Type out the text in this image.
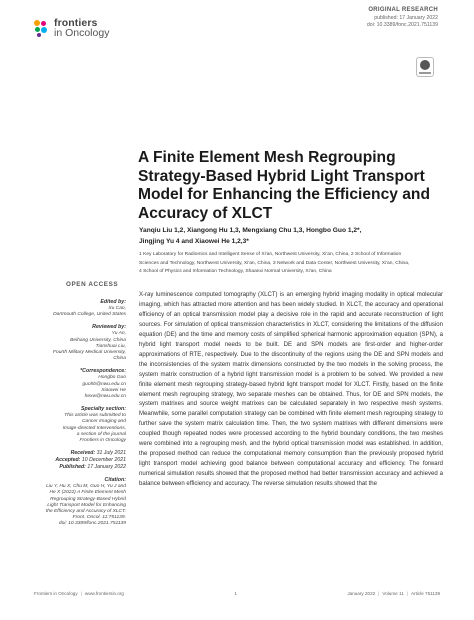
frontiers
in Oncology
ORIGINAL RESEARCH
published: 17 January 2022
doi: 10.3389/fonc.2021.751139
A Finite Element Mesh Regrouping Strategy-Based Hybrid Light Transport Model for Enhancing the Efficiency and Accuracy of XLCT
Yanqiu Liu 1,2, Xiangong Hu 1,3, Mengxiang Chu 1,3, Hongbo Guo 1,2*,
Jingjing Yu 4 and Xiaowei He 1,2,3*
1 Key Laboratory for Radiomics and Intelligent Sense of Xi'an, Northwest University, Xi'an, China, 2 School of Information
Sciences and Technology, Northwest University, Xi'an, China, 3 Network and Data Center, Northwest University, Xi'an, China,
4 School of Physics and Information Technology, Shaanxi Normal University, Xi'an, China
OPEN ACCESS
Edited by:
Xu Cao,
Dartmouth College, United States
Reviewed by:
Yu An,
Beihang University, China
Tianshuai Liu,
Fourth Military Medical University,
China
*Correspondence:
Hongbo Guo
guohb@nwu.edu.cn
Xiaowei He
hexw@nwu.edu.cn
Specialty section:
This article was submitted to
Cancer Imaging and
Image-directed Interventions,
a section of the journal
Frontiers in Oncology
Received: 31 July 2021
Accepted: 10 December 2021
Published: 17 January 2022
Citation:
Liu Y, Hu X, Chu M, Guo H, Yu J and
He X (2022) A Finite Element Mesh
Regrouping Strategy-Based Hybrid
Light Transport Model for Enhancing
the Efficiency and Accuracy of XLCT.
Front. Oncol. 11:751139.
doi: 10.3389/fonc.2021.751139

X-ray luminescence computed tomography (XLCT) is an emerging hybrid imaging modality in optical molecular imaging, which has attracted more attention and has been widely studied. In XLCT, the accuracy and operational efficiency of an optical transmission model play a decisive role in the rapid and accurate reconstruction of light sources. For simulation of optical transmission characteristics in XLCT, considering the limitations of the diffusion equation (DE) and the time and memory costs of simplified spherical harmonic approximation equation (SPN), a hybrid light transport model needs to be built. DE and SPN models are first-order and higher-order approximations of RTE, respectively. Due to the discontinuity of the regions using the DE and SPN models and the inconsistencies of the system matrix dimensions constructed by the two models in the solving process, the system matrix construction of a hybrid light transmission model is a problem to be solved. We provided a new finite element mesh regrouping strategy-based hybrid light transport model for XLCT. Firstly, based on the finite element mesh regrouping strategy, two separate meshes can be obtained. Thus, for DE and SPN models, the system matrixes and source weight matrixes can be calculated separately in two respective mesh systems. Meanwhile, some parallel computation strategy can be combined with finite element mesh regrouping strategy to further save the system matrix calculation time. Then, the two system matrixes with different dimensions were coupled though repeated nodes were processed according to the hybrid boundary conditions, the two meshes were combined into a regrouping mesh, and the hybrid optical transmission model was established. In addition, the proposed method can reduce the computational memory consumption than the previously proposed hybrid light transport model achieving good balance between computational accuracy and efficiency. The forward numerical simulation results showed that the proposed method had better transmission accuracy and achieved a balance between efficiency and accuracy. The reverse simulation results showed that the

Frontiers in Oncology | www.frontiersin.org	1	January 2022 | Volume 11 | Article 751139
